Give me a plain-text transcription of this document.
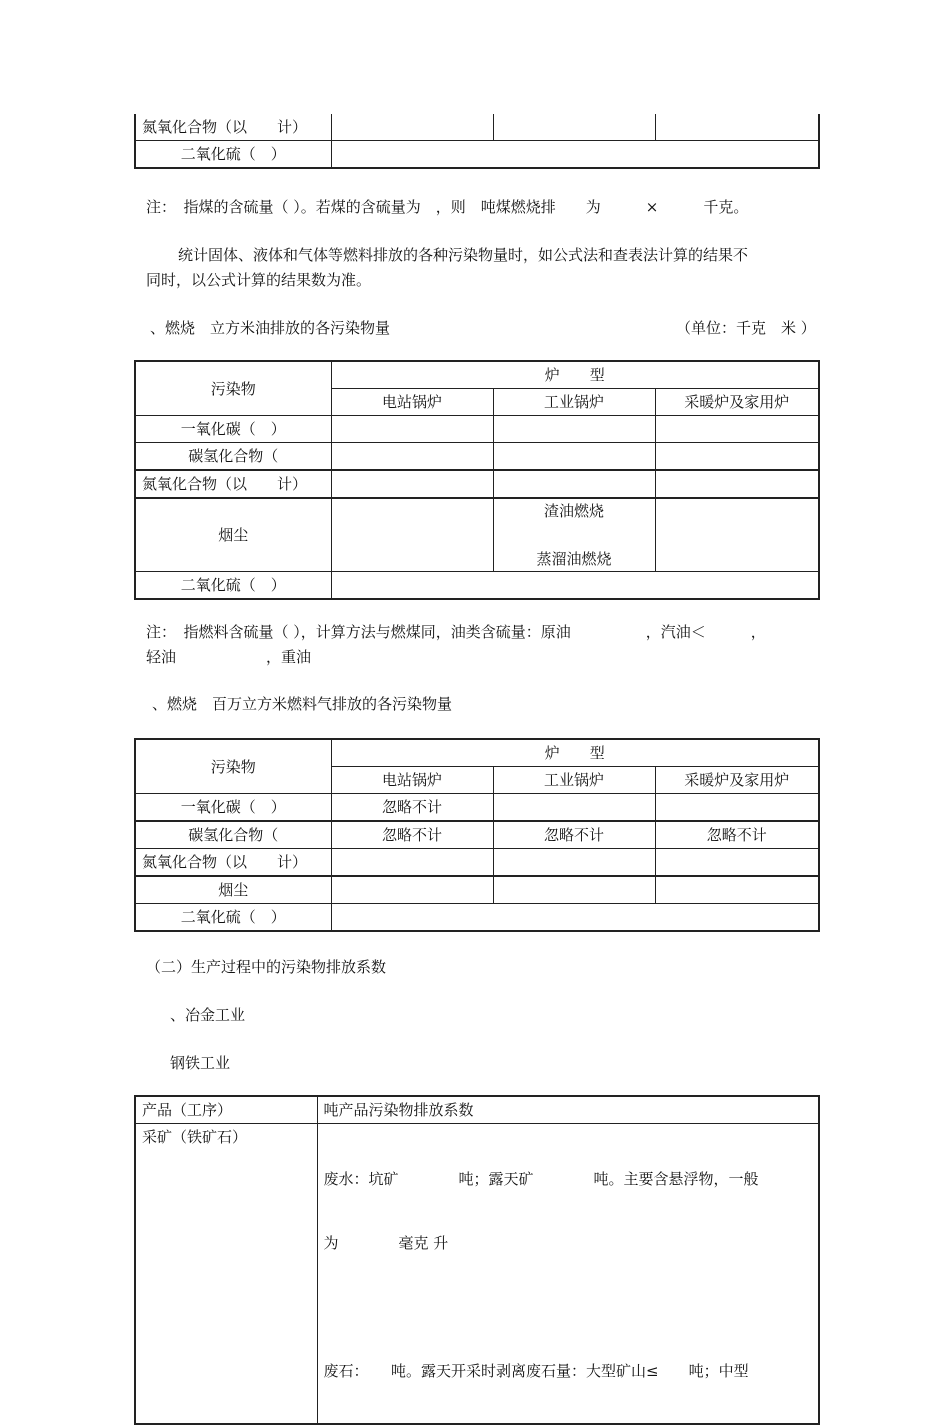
氮氧化合物（以　　计）			
二氧化硫（　）			
注：　指煤的含硫量（ ）。若煤的含硫量为　，则　吨煤燃烧排　　为　　　×　　　千克。
统计固体、液体和气体等燃料排放的各种污染物量时，如公式法和查表法计算的结果不
同时，以公式计算的结果数为准。
、燃烧　立方米油排放的各污染物量	（单位：千克　米 ）
污染物	炉　　型		
	电站锅炉	工业锅炉	采暖炉及家用炉
一氧化碳（　）			
碳氢化合物（			
氮氧化合物（以　　计）			
烟尘		渣油燃烧

蒸溜油燃烧	
二氧化硫（　）			
注：　指燃料含硫量（ ），计算方法与燃煤同，油类含硫量：原油　　　　　，汽油＜　　　，
轻油　　　　　　，重油
、燃烧　百万立方米燃料气排放的各污染物量
污染物	炉　　型		
	电站锅炉	工业锅炉	采暖炉及家用炉
一氧化碳（　）	忽略不计		
碳氢化合物（	忽略不计	忽略不计	忽略不计
氮氧化合物（以　　计）			
烟尘			
二氧化硫（　）			
（二）生产过程中的污染物排放系数
、冶金工业
钢铁工业
产品（工序）	吨产品污染物排放系数
采矿（铁矿石）	废水：坑矿　　　　吨；露天矿　　　　吨。主要含悬浮物，一般

为　　　　毫克 升

废石：　　吨。露天开采时剥离废石量：大型矿山≤　　吨；中型
